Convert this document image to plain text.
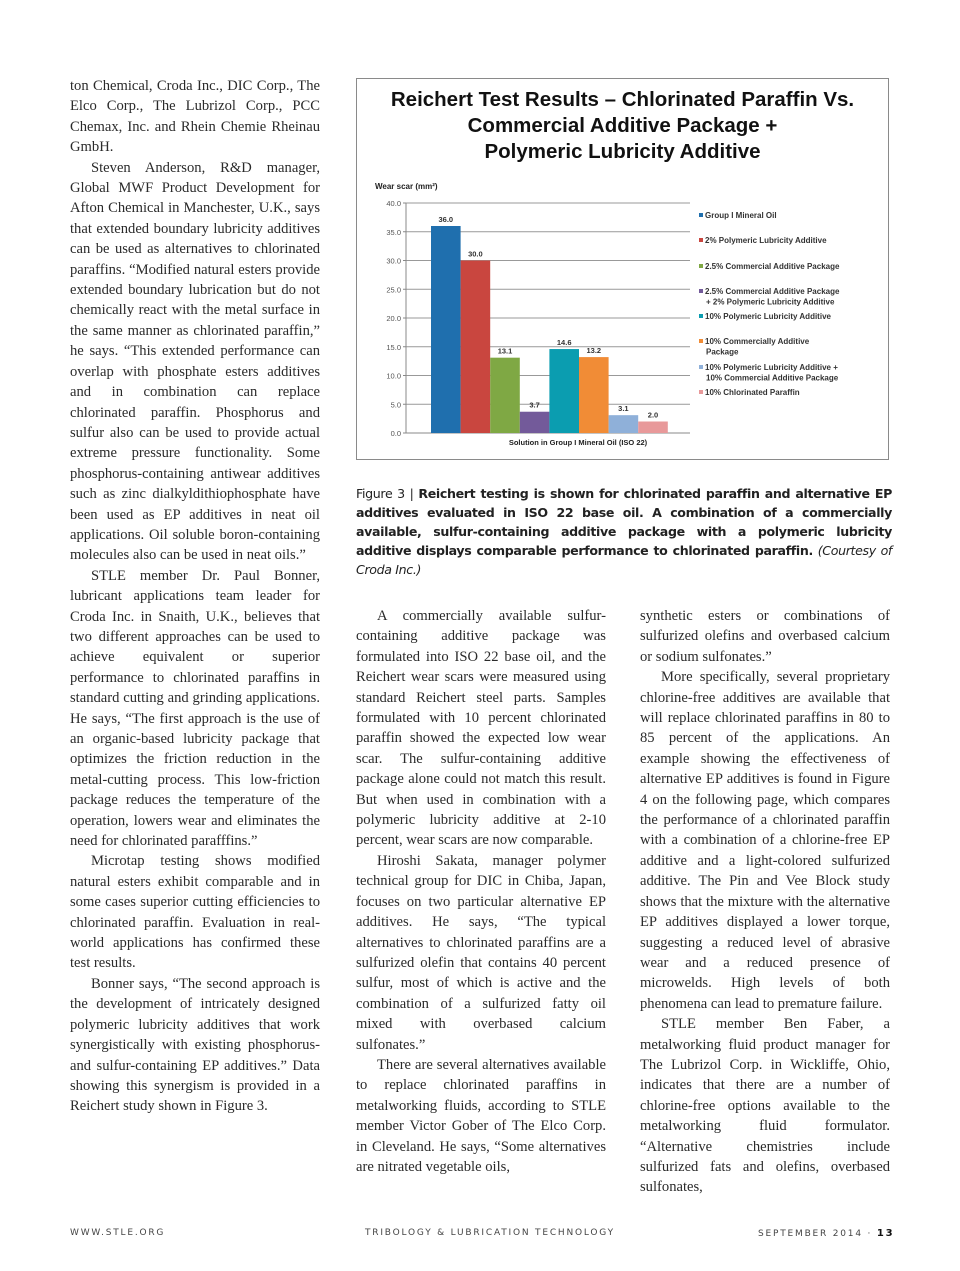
ton Chemical, Croda Inc., DIC Corp., The Elco Corp., The Lubrizol Corp., PCC Chemax, Inc. and Rhein Chemie Rheinau GmbH.

Steven Anderson, R&D manager, Global MWF Product Development for Afton Chemical in Manchester, U.K., says that extended boundary lubricity additives can be used as alternatives to chlorinated paraffins. “Modified natural esters provide extended boundary lubrication but do not chemically react with the metal surface in the same manner as chlorinated paraffin,” he says. “This extended performance can overlap with phosphate esters additives and in combination can replace chlorinated paraffin. Phosphorus and sulfur also can be used to provide actual extreme pressure functionality. Some phosphorus-containing antiwear additives such as zinc dialkyldithiophosphate have been used as EP additives in neat oil applications. Oil soluble boron-containing molecules also can be used in neat oils.”

STLE member Dr. Paul Bonner, lubricant applications team leader for Croda Inc. in Snaith, U.K., believes that two different approaches can be used to achieve equivalent or superior performance to chlorinated paraffins in standard cutting and grinding applications. He says, “The first approach is the use of an organic-based lubricity package that optimizes the friction reduction in the metal-cutting process. This low-friction package reduces the temperature of the operation, lowers wear and eliminates the need for chlorinated parafffins.”

Microtap testing shows modified natural esters exhibit comparable and in some cases superior cutting efficiencies to chlorinated paraffin. Evaluation in real-world applications has confirmed these test results.

Bonner says, “The second approach is the development of intricately designed polymeric lubricity additives that work synergistically with existing phosphorus- and sulfur-containing EP additives.” Data showing this synergism is provided in a Reichert study shown in Figure 3.

Reichert Test Results – Chlorinated Paraffin Vs.
Commercial Additive Package +
Polymeric Lubricity Additive
Wear scar (mm²)
0.0
5.0
10.0
15.0
20.0
25.0
30.0
35.0
40.0
36.0	Group I Mineral Oil
30.0
2% Polymeric Lubricity Additive
13.1
2.5% Commercial Additive Package
3.7
2.5% Commercial Additive Package
+ 2% Polymeric Lubricity Additive
14.6
10% Polymeric Lubricity Additive
13.2
10% Commercially Additive
Package
3.1
10% Polymeric Lubricity Additive +
10% Commercial Additive Package
2.0
10% Chlorinated Paraffin
Solution in Group I Mineral Oil (ISO 22)
Figure 3 | Reichert testing is shown for chlorinated paraffin and alternative EP additives evaluated in ISO 22 base oil. A combination of a commercially available, sulfur-containing additive package with a polymeric lubricity additive displays comparable performance to chlorinated paraffin. (Courtesy of Croda Inc.)

A commercially available sulfur-containing additive package was formulated into ISO 22 base oil, and the Reichert wear scars were measured using standard Reichert steel parts. Samples formulated with 10 percent chlorinated paraffin showed the expected low wear scar. The sulfur-containing additive package alone could not match this result. But when used in combination with a polymeric lubricity additive at 2-10 percent, wear scars are now comparable.

Hiroshi Sakata, manager polymer technical group for DIC in Chiba, Japan, focuses on two particular alternative EP additives. He says, “The typical alternatives to chlorinated paraffins are a sulfurized olefin that contains 40 percent sulfur, most of which is active and the combination of a sulfurized fatty oil mixed with overbased calcium sulfonates.”

There are several alternatives available to replace chlorinated paraffins in metalworking fluids, according to STLE member Victor Gober of The Elco Corp. in Cleveland. He says, “Some alternatives are nitrated vegetable oils,

synthetic esters or combinations of sulfurized olefins and overbased calcium or sodium sulfonates.”

More specifically, several proprietary chlorine-free additives are available that will replace chlorinated paraffins in 80 to 85 percent of the applications. An example showing the effectiveness of alternative EP additives is found in Figure 4 on the following page, which compares the performance of a chlorinated paraffin with a combination of a chlorine-free EP additive and a light-colored sulfurized additive. The Pin and Vee Block study shows that the mixture with the alternative EP additives displayed a lower torque, suggesting a reduced level of abrasive wear and a reduced presence of microwelds. High levels of both phenomena can lead to premature failure.

STLE member Ben Faber, a metalworking fluid product manager for The Lubrizol Corp. in Wickliffe, Ohio, indicates that there are a number of chlorine-free options available to the metalworking fluid formulator. “Alternative chemistries include sulfurized fats and olefins, overbased sulfonates,

WWW.STLE.ORG	TRIBOLOGY & LUBRICATION TECHNOLOGY	SEPTEMBER 2014 · 13
